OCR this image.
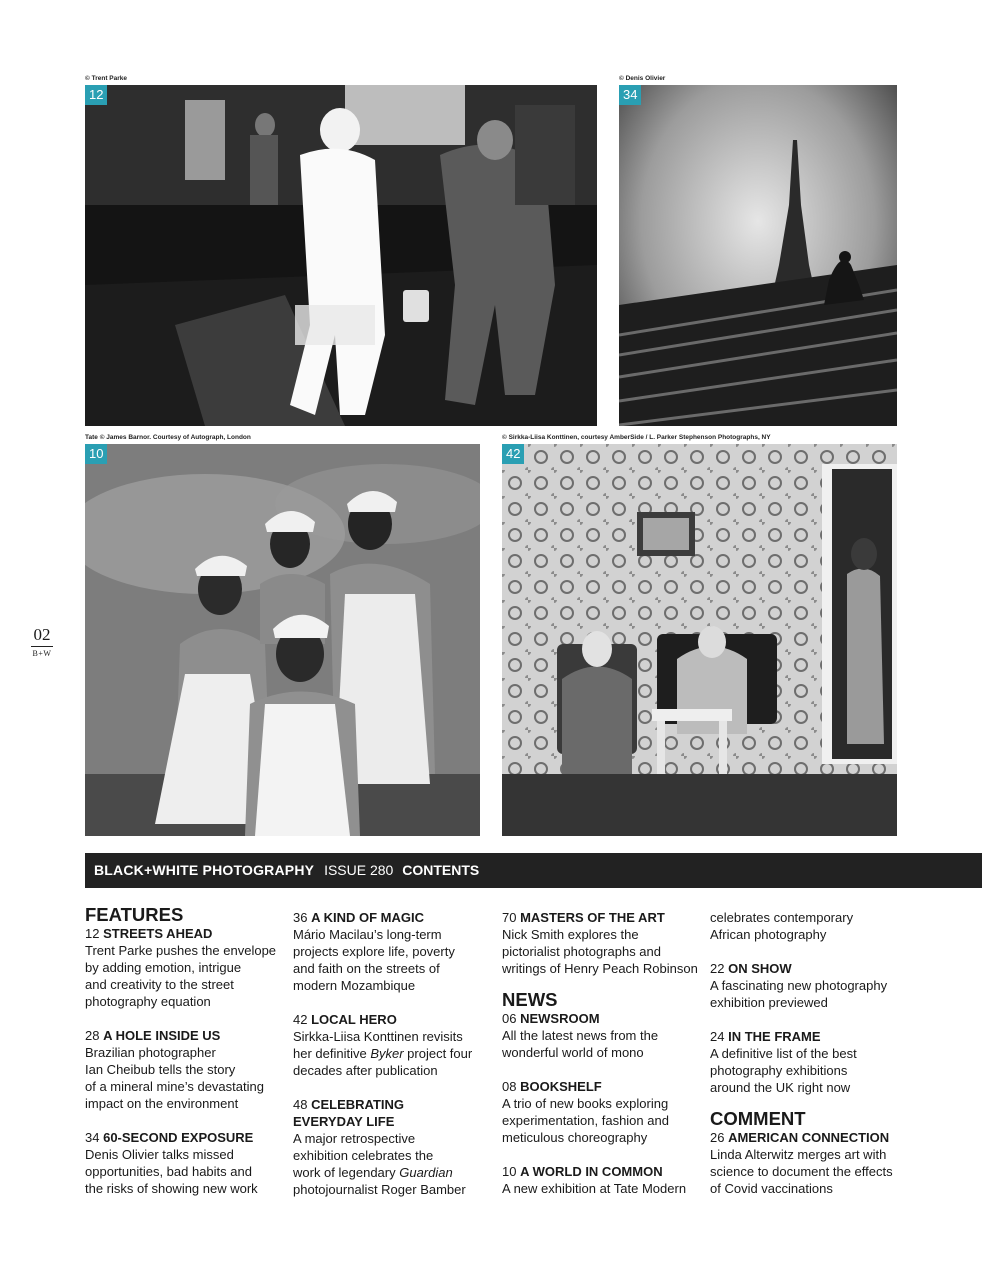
© Trent Parke	© Denis Olivier
Tate © James Barnor. Courtesy of Autograph, London	© Sirkka-Liisa Konttinen, courtesy AmberSide / L. Parker Stephenson Photographs, NY
12	34
10	42
02
B+W
BLACK+WHITE PHOTOGRAPHY ISSUE 280 CONTENTS
FEATURES
12 STREETS AHEAD

Trent Parke pushes the envelope

by adding emotion, intrigue

and creativity to the street

photography equation

28 A HOLE INSIDE US

Brazilian photographer

Ian Cheibub tells the story

of a mineral mine’s devastating

impact on the environment

34 60-SECOND EXPOSURE

Denis Olivier talks missed

opportunities, bad habits and

the risks of showing new work

36 A KIND OF MAGIC

Mário Macilau’s long-term

projects explore life, poverty

and faith on the streets of

modern Mozambique

42 LOCAL HERO

Sirkka-Liisa Konttinen revisits

her definitive Byker project four

decades after publication

48 CELEBRATING
EVERYDAY LIFE

A major retrospective

exhibition celebrates the

work of legendary Guardian

photojournalist Roger Bamber

70 MASTERS OF THE ART

Nick Smith explores the

pictorialist photographs and

writings of Henry Peach Robinson

NEWS
06 NEWSROOM

All the latest news from the

wonderful world of mono

08 BOOKSHELF

A trio of new books exploring

experimentation, fashion and

meticulous choreography

10 A WORLD IN COMMON

A new exhibition at Tate Modern

celebrates contemporary

African photography

22 ON SHOW

A fascinating new photography

exhibition previewed

24 IN THE FRAME

A definitive list of the best

photography exhibitions

around the UK right now

COMMENT
26 AMERICAN CONNECTION

Linda Alterwitz merges art with

science to document the effects

of Covid vaccinations
